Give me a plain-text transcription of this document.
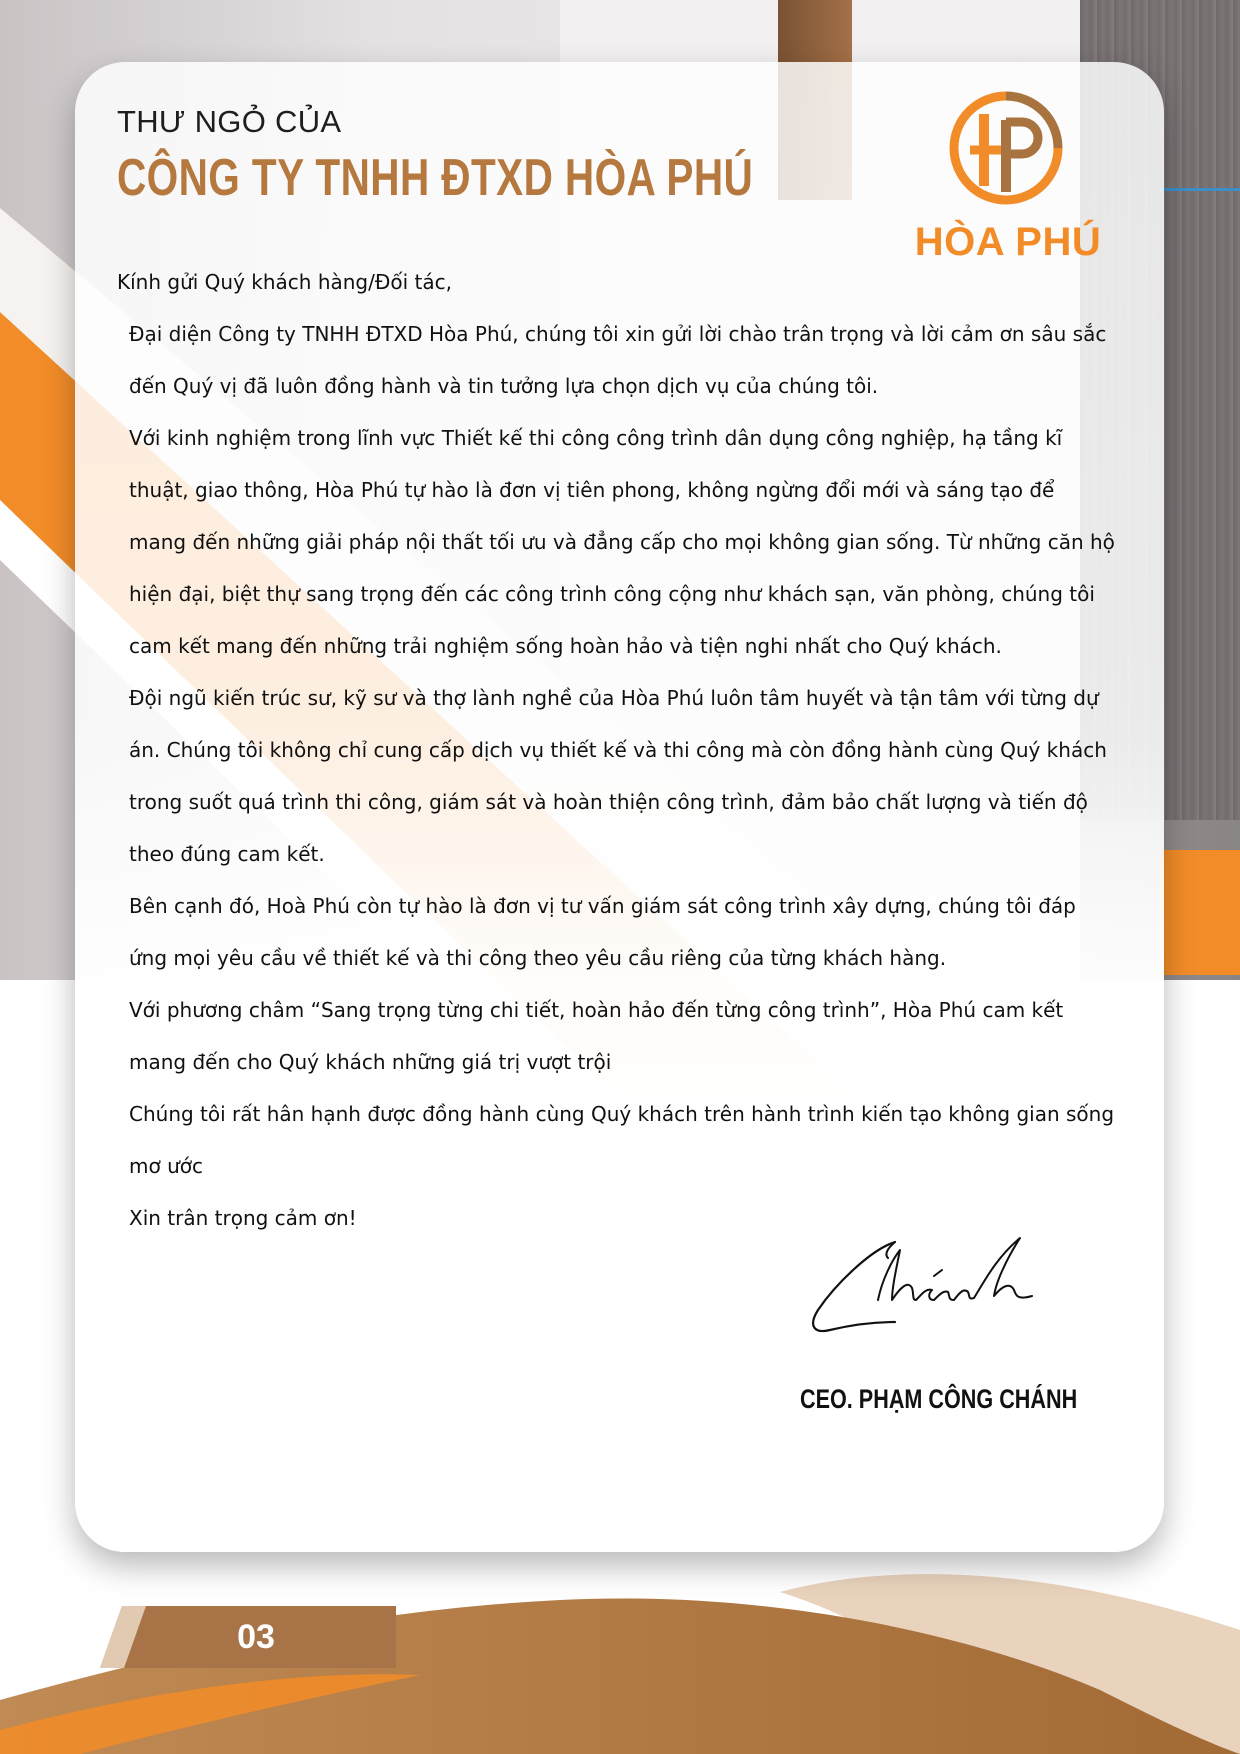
THƯ NGỎ CỦA
CÔNG TY TNHH ĐTXD HÒA PHÚ
HÒA PHÚ

Kính gửi Quý khách hàng/Đối tác,

Đại diện Công ty TNHH ĐTXD Hòa Phú, chúng tôi xin gửi lời chào trân trọng và lời cảm ơn sâu sắc đến Quý vị đã luôn đồng hành và tin tưởng lựa chọn dịch vụ của chúng tôi.

Với kinh nghiệm trong lĩnh vực Thiết kế thi công công trình dân dụng công nghiệp, hạ tầng kĩ thuật, giao thông, Hòa Phú tự hào là đơn vị tiên phong, không ngừng đổi mới và sáng tạo để mang đến những giải pháp nội thất tối ưu và đẳng cấp cho mọi không gian sống. Từ những căn hộ hiện đại, biệt thự sang trọng đến các công trình công cộng như khách sạn, văn phòng, chúng tôi cam kết mang đến những trải nghiệm sống hoàn hảo và tiện nghi nhất cho Quý khách.

Đội ngũ kiến trúc sư, kỹ sư và thợ lành nghề của Hòa Phú luôn tâm huyết và tận tâm với từng dự án. Chúng tôi không chỉ cung cấp dịch vụ thiết kế và thi công mà còn đồng hành cùng Quý khách trong suốt quá trình thi công, giám sát và hoàn thiện công trình, đảm bảo chất lượng và tiến độ theo đúng cam kết.

Bên cạnh đó, Hoà Phú còn tự hào là đơn vị tư vấn giám sát công trình xây dựng, chúng tôi đáp ứng mọi yêu cầu về thiết kế và thi công theo yêu cầu riêng của từng khách hàng.

Với phương châm “Sang trọng từng chi tiết, hoàn hảo đến từng công trình”, Hòa Phú cam kết mang đến cho Quý khách những giá trị vượt trội

Chúng tôi rất hân hạnh được đồng hành cùng Quý khách trên hành trình kiến tạo không gian sống mơ ước

Xin trân trọng cảm ơn!

CEO. PHẠM CÔNG CHÁNH
03
